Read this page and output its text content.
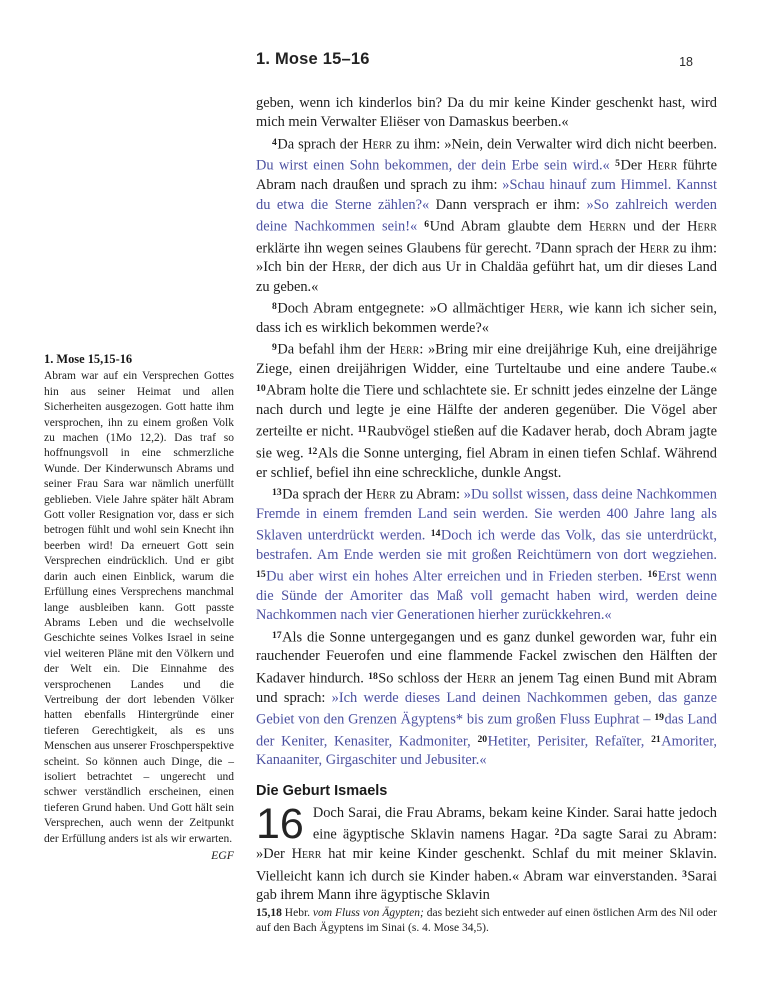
1. Mose 15–16	18
1. Mose 15,15-16

Abram war auf ein Versprechen Gottes hin aus seiner Heimat und allen Sicherheiten ausgezogen. Gott hatte ihm versprochen, ihn zu einem großen Volk zu machen (1Mo 12,2). Das traf so hoffnungsvoll in eine schmerzliche Wunde. Der Kinderwunsch Abrams und seiner Frau Sara war nämlich unerfüllt geblieben. Viele Jahre später hält Abram Gott voller Resignation vor, dass er sich betrogen fühlt und wohl sein Knecht ihn beerben wird! Da erneuert Gott sein Versprechen eindrücklich. Und er gibt darin auch einen Einblick, warum die Erfüllung eines Versprechens manchmal lange ausbleiben kann. Gott passte Abrams Leben und die wechselvolle Geschichte seines Volkes Israel in seine viel weiteren Pläne mit den Völkern und der Welt ein. Die Einnahme des versprochenen Landes und die Vertreibung der dort lebenden Völker hatten ebenfalls Hintergründe einer tieferen Gerechtigkeit, als es uns Menschen aus unserer Froschperspektive scheint. So können auch Dinge, die – isoliert betrachtet – ungerecht und schwer verständlich erscheinen, einen tieferen Grund haben. Und Gott hält sein Versprechen, auch wenn der Zeitpunkt der Erfüllung anders ist als wir erwarten.

EGF

geben, wenn ich kinderlos bin? Da du mir keine Kinder geschenkt hast, wird mich mein Verwalter Eliëser von Damaskus beerben.«

$^4$Da sprach der Herr zu ihm: »Nein, dein Verwalter wird dich nicht beerben. Du wirst einen Sohn bekommen, der dein Erbe sein wird.« $^5$Der Herr führte Abram nach draußen und sprach zu ihm: »Schau hinauf zum Himmel. Kannst du etwa die Sterne zählen?« Dann versprach er ihm: »So zahlreich werden deine Nachkommen sein!« $^6$Und Abram glaubte dem Herrn und der Herr erklärte ihn wegen seines Glaubens für gerecht. $^7$Dann sprach der Herr zu ihm: »Ich bin der Herr, der dich aus Ur in Chaldäa geführt hat, um dir dieses Land zu geben.«

$^8$Doch Abram entgegnete: »O allmächtiger Herr, wie kann ich sicher sein, dass ich es wirklich bekommen werde?«

$^9$Da befahl ihm der Herr: »Bring mir eine dreijährige Kuh, eine dreijährige Ziege, einen dreijährigen Widder, eine Turteltaube und eine andere Taube.« $^{10}$Abram holte die Tiere und schlachtete sie. Er schnitt jedes einzelne der Länge nach durch und legte je eine Hälfte der anderen gegenüber. Die Vögel aber zerteilte er nicht. $^{11}$Raubvögel stießen auf die Kadaver herab, doch Abram jagte sie weg. $^{12}$Als die Sonne unterging, fiel Abram in einen tiefen Schlaf. Während er schlief, befiel ihn eine schreckliche, dunkle Angst.

$^{13}$Da sprach der Herr zu Abram: »Du sollst wissen, dass deine Nachkommen Fremde in einem fremden Land sein werden. Sie werden 400 Jahre lang als Sklaven unterdrückt werden. $^{14}$Doch ich werde das Volk, das sie unterdrückt, bestrafen. Am Ende werden sie mit großen Reichtümern von dort wegziehen. $^{15}$Du aber wirst ein hohes Alter erreichen und in Frieden sterben. $^{16}$Erst wenn die Sünde der Amoriter das Maß voll gemacht haben wird, werden deine Nachkommen nach vier Generationen hierher zurückkehren.«

$^{17}$Als die Sonne untergegangen und es ganz dunkel geworden war, fuhr ein rauchender Feuerofen und eine flammende Fackel zwischen den Hälften der Kadaver hindurch. $^{18}$So schloss der Herr an jenem Tag einen Bund mit Abram und sprach: »Ich werde dieses Land deinen Nachkommen geben, das ganze Gebiet von den Grenzen Ägyptens* bis zum großen Fluss Euphrat – $^{19}$das Land der Keniter, Kenasiter, Kadmoniter, $^{20}$Hetiter, Perisiter, Refaïter, $^{21}$Amoriter, Kanaaniter, Girgaschiter und Jebusiter.«

Die Geburt Ismaels

16 Doch Sarai, die Frau Abrams, bekam keine Kinder. Sarai hatte jedoch eine ägyptische Sklavin namens Hagar. $^2$Da sagte Sarai zu Abram: »Der Herr hat mir keine Kinder geschenkt. Schlaf du mit meiner Sklavin. Vielleicht kann ich durch sie Kinder haben.« Abram war einverstanden. $^3$Sarai gab ihrem Mann ihre ägyptische Sklavin

15,18 Hebr. vom Fluss von Ägypten; das bezieht sich entweder auf einen östlichen Arm des Nil oder auf den Bach Ägyptens im Sinai (s. 4. Mose 34,5).
